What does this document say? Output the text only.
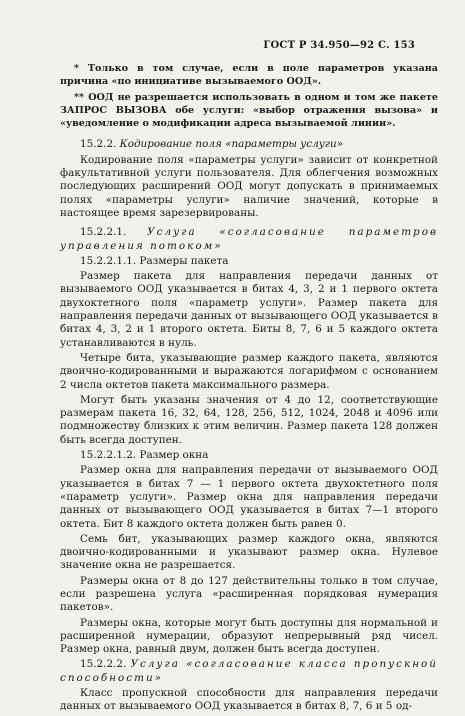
ГОСТ Р 34.950—92 С. 153

* Только в том случае, если в поле параметров указана причина «по инициативе вызываемого ООД».

** ООД не разрешается использовать в одном и том же пакете ЗАПРОС ВЫЗОВА обе услуги: «выбор отражения вызова» и «уведомление о модификации адреса вызываемой линии».

15.2.2. Кодирование поля «параметры услуги»

Кодирование поля «параметры услуги» зависит от конкретной факультативной услуги пользователя. Для облегчения возможных последующих расширений ООД могут допускать в принимаемых полях «параметры услуги» наличие значений, которые в настоящее время зарезервированы.

15.2.2.1. Услуга «согласование параметров управления потоком»

15.2.2.1.1. Размеры пакета

Размер пакета для направления передачи данных от вызываемого ООД указывается в битах 4, 3, 2 и 1 первого октета двухоктетного поля «параметр услуги». Размер пакета для направления передачи данных от вызывающего ООД указывается в битах 4, 3, 2 и 1 второго октета. Биты 8, 7, 6 и 5 каждого октета устанавливаются в нуль.

Четыре бита, указывающие размер каждого пакета, являются двоично-кодированными и выражаются логарифмом с основанием 2 числа октетов пакета максимального размера.

Могут быть указаны значения от 4 до 12, соответствующие размерам пакета 16, 32, 64, 128, 256, 512, 1024, 2048 и 4096 или подмножеству близких к этим величин. Размер пакета 128 должен быть всегда доступен.

15.2.2.1.2. Размер окна

Размер окна для направления передачи от вызываемого ООД указывается в битах 7 — 1 первого октета двухоктетного поля «параметр услуги». Размер окна для направления передачи данных от вызывающего ООД указывается в битах 7—1 второго октета. Бит 8 каждого октета должен быть равен 0.

Семь бит, указывающих размер каждого окна, являются двоично-кодированными и указывают размер окна. Нулевое значение окна не разрешается.

Размеры окна от 8 до 127 действительны только в том случае, если разрешена услуга «расширенная порядковая нумерация пакетов».

Размеры окна, которые могут быть доступны для нормальной и расширенной нумерации, образуют непрерывный ряд чисел. Размер окна, равный двум, должен быть всегда доступен.

15.2.2.2. Услуга «согласование класса пропускной способности»

Класс пропускной способности для направления передачи данных от вызываемого ООД указывается в битах 8, 7, 6 и 5 од-
